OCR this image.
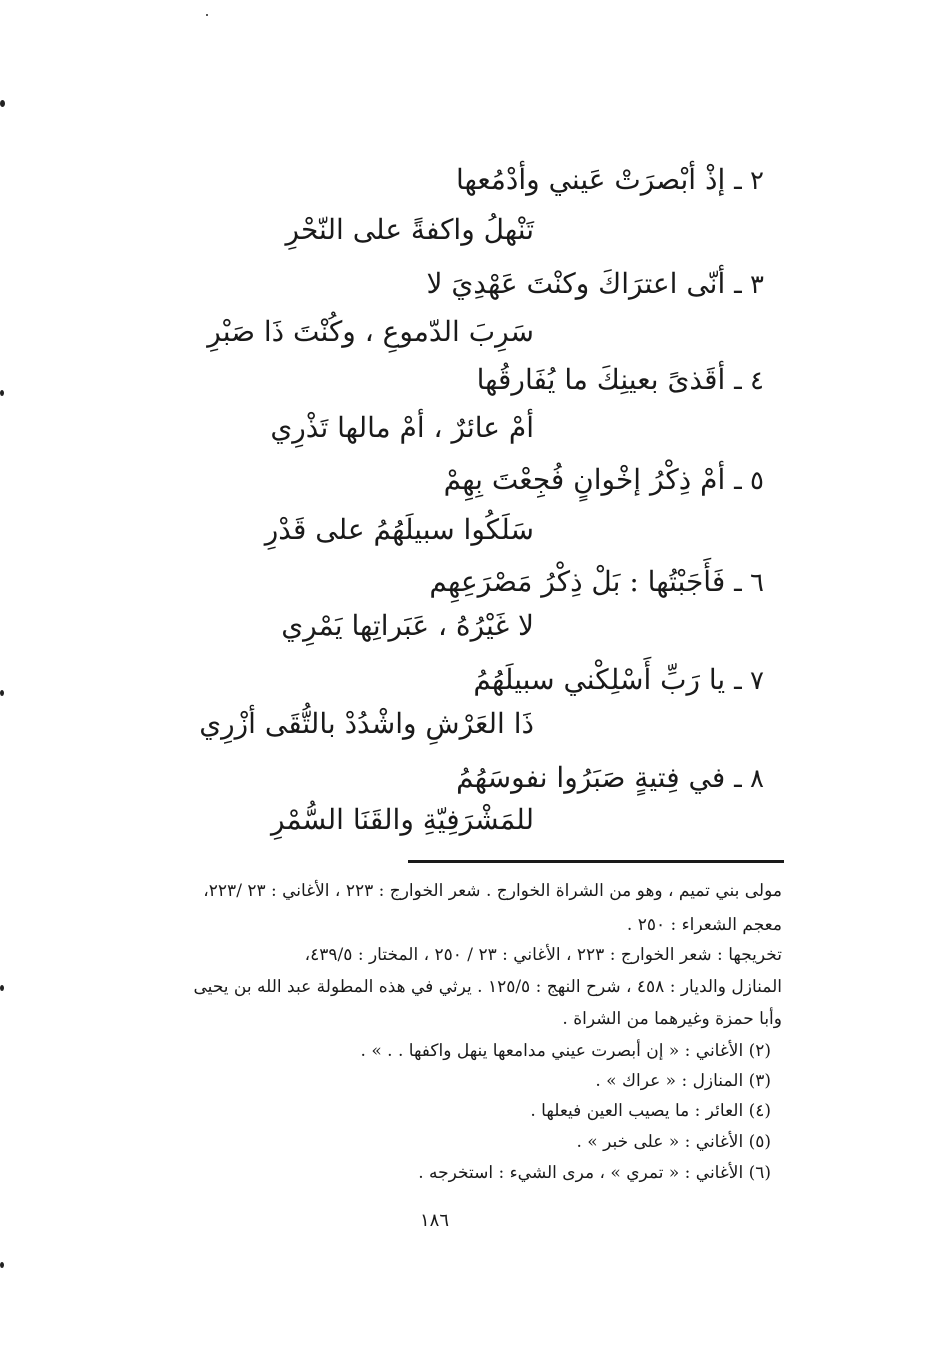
٢ ـ إذْ أبْصرَتْ عَيني وأدْمُعها
تَنْهلُ واكفةً على النّحْرِ
٣ ـ أنّى اعترَاكَ وكنْتَ عَهْدِيَ لا
سَرِبَ الدّموعِ ، وكُنْتَ ذَا صَبْرِ
٤ ـ أقَذىً بعينِكَ ما يُفَارقُها
أمْ عائرٌ ، أمْ مالها تَذْرِي
٥ ـ أمْ ذِكْرُ إخْوانٍ فُجِعْتَ بِهِمْ
سَلَكُوا سبيلَهُمُ على قَدْرِ
٦ ـ فَأَجَبْتُها : بَلْ ذِكْرُ مَصْرَعِهِم
لا غَيْرُهُ ، عَبَراتِها يَمْرِي
٧ ـ يا رَبِّ أَسْلِكْني سبيلَهُمُ
ذَا العَرْشِ واشْدُدْ بالتُّقَى أزْرِي
٨ ـ في فِتيةٍ صَبَرُوا نفوسَهُمُ
للمَشْرَفِيّةِ والقَنَا السُّمْرِ
مولى بني تميم ، وهو من الشراة الخوارج . شعر الخوارج : ٢٢٣ ، الأغاني : ٢٣ /٢٢٣،
معجم الشعراء : ٢٥٠ .
تخريجها : شعر الخوارج : ٢٢٣ ، الأغاني : ٢٣ / ٢٥٠ ، المختار : ٤٣٩/٥،
المنازل والديار : ٤٥٨ ، شرح النهج : ١٢٥/٥ . يرثي في هذه المطولة عبد الله بن يحيى
وأبا حمزة وغيرهما من الشراة .
(٢) الأغاني : « إن أبصرت عيني مدامعها ينهل واكفها . . » .
(٣) المنازل : « عراك » .
(٤) العائر : ما يصيب العين فيعلها .
(٥) الأغاني : « على خبر » .
(٦) الأغاني : « تمري » ، مرى الشيء : استخرجه .
١٨٦
